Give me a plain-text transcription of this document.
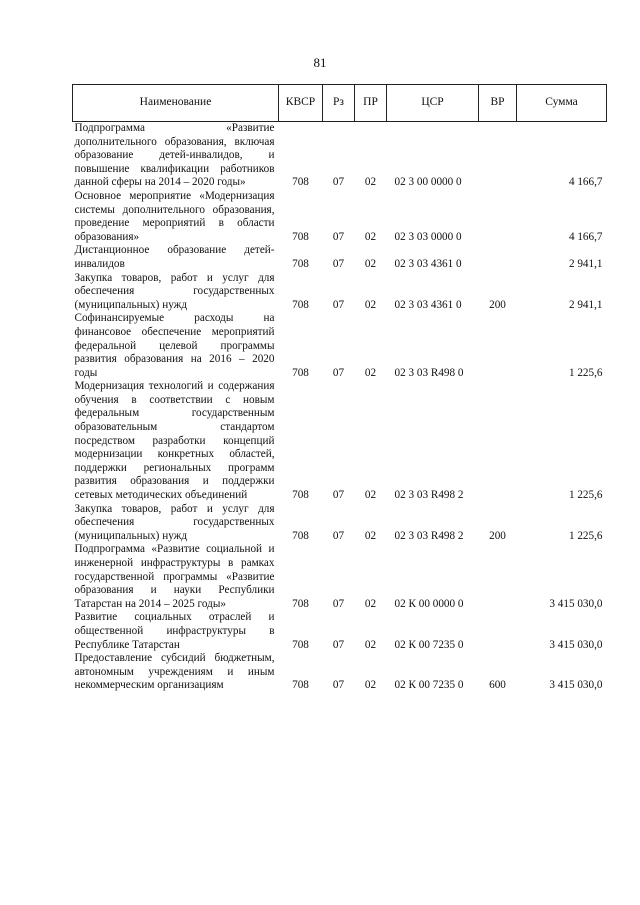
81
Наименование	КВСР	Рз	ПР	ЦСР	ВР	Сумма
Подпрограмма «Развитие дополнительного образования, включая образование детей-инвалидов, и повышение квалификации работников данной сферы на 2014 – 2020 годы»	708	07	02	02 3 00 0000 0		4 166,7
Основное мероприятие «Модернизация системы дополнительного образования, проведение мероприятий в области образования»	708	07	02	02 3 03 0000 0		4 166,7
Дистанционное образование детей-инвалидов	708	07	02	02 3 03 4361 0		2 941,1
Закупка товаров, работ и услуг для обеспечения государственных (муниципальных) нужд	708	07	02	02 3 03 4361 0	200	2 941,1
Софинансируемые расходы на финансовое обеспечение мероприятий федеральной целевой программы развития образования на 2016 – 2020 годы	708	07	02	02 3 03 R498 0		1 225,6
Модернизация технологий и содержания обучения в соответствии с новым федеральным государственным образовательным стандартом посредством разработки концепций модернизации конкретных областей, поддержки региональных программ развития образования и поддержки сетевых методических объединений	708	07	02	02 3 03 R498 2		1 225,6
Закупка товаров, работ и услуг для обеспечения государственных (муниципальных) нужд	708	07	02	02 3 03 R498 2	200	1 225,6
Подпрограмма «Развитие социальной и инженерной инфраструктуры в рамках государственной программы «Развитие образования и науки Республики Татарстан на 2014 – 2025 годы»	708	07	02	02 К 00 0000 0		3 415 030,0
Развитие социальных отраслей и общественной инфраструктуры в Республике Татарстан	708	07	02	02 К 00 7235 0		3 415 030,0
Предоставление субсидий бюджетным, автономным учреждениям и иным некоммерческим организациям	708	07	02	02 К 00 7235 0	600	3 415 030,0
